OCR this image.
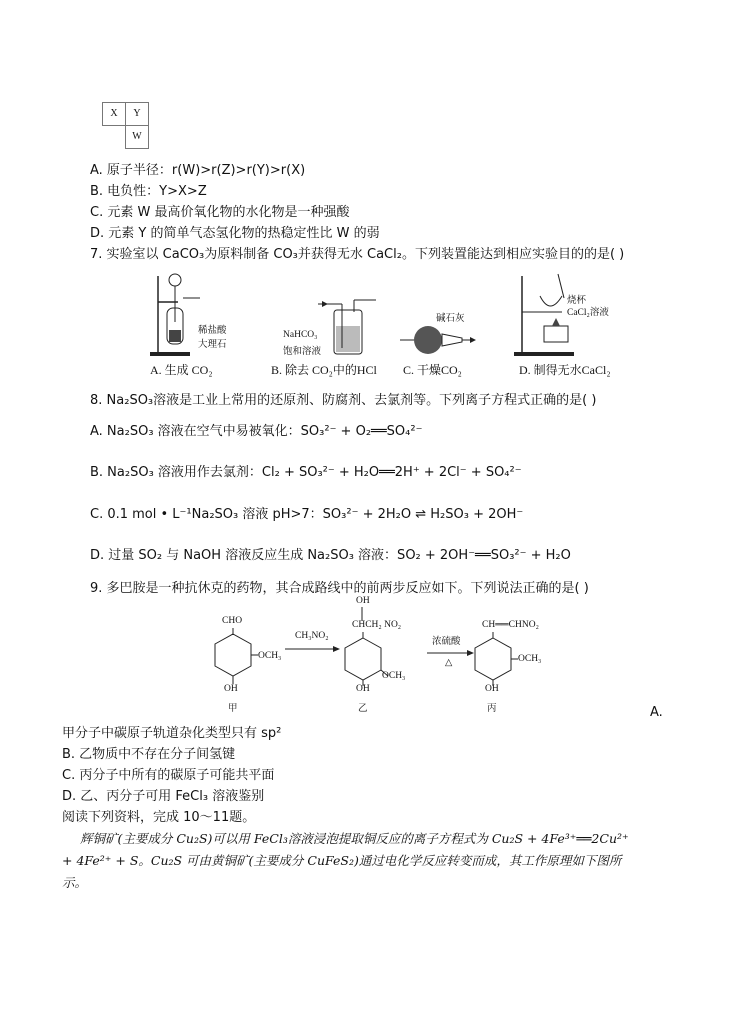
X	Y
W
A. 原子半径：r(W)>r(Z)>r(Y)>r(X)
B. 电负性：Y>X>Z
C. 元素 W 最高价氧化物的水化物是一种强酸
D. 元素 Y 的简单气态氢化物的热稳定性比 W 的弱
7. 实验室以 CaCO₃为原料制备 CO₃并获得无水 CaCl₂。下列装置能达到相应实验目的的是( )
稀盐酸
大理石
A. 生成 CO₂
NaHCO₃
饱和溶液
B. 除去 CO₂中的HCl
碱石灰
C. 干燥CO₂
烧杯
CaCl₂溶液
D. 制得无水CaCl₂
8. Na₂SO₃溶液是工业上常用的还原剂、防腐剂、去氯剂等。下列离子方程式正确的是( )
A. Na₂SO₃ 溶液在空气中易被氧化：SO₃²⁻ + O₂══SO₄²⁻
B. Na₂SO₃ 溶液用作去氯剂：Cl₂ + SO₃²⁻ + H₂O══2H⁺ + 2Cl⁻ + SO₄²⁻
C. 0.1 mol • L⁻¹Na₂SO₃ 溶液 pH>7：SO₃²⁻ + 2H₂O ⇌ H₂SO₃ + 2OH⁻
D. 过量 SO₂ 与 NaOH 溶液反应生成 Na₂SO₃ 溶液：SO₂ + 2OH⁻══SO₃²⁻ + H₂O
9. 多巴胺是一种抗休克的药物，其合成路线中的前两步反应如下。下列说法正确的是( )
CHO
OCH₃
OH
甲
CH₃NO₂
OH
CHCH₂ NO₂
OH
OCH₃
乙
浓硫酸
△
CH══CHNO₂
OCH₃
OH
丙	A.
甲分子中碳原子轨道杂化类型只有 sp²
B. 乙物质中不存在分子间氢键
C. 丙分子中所有的碳原子可能共平面
D. 乙、丙分子可用 FeCl₃ 溶液鉴别
阅读下列资料，完成 10～11题。
辉铜矿(主要成分 Cu₂S)可以用 FeCl₃溶液浸泡提取铜反应的离子方程式为 Cu₂S + 4Fe³⁺══2Cu²⁺
+ 4Fe²⁺ + S。Cu₂S 可由黄铜矿(主要成分 CuFeS₂)通过电化学反应转变而成，其工作原理如下图所
示。
